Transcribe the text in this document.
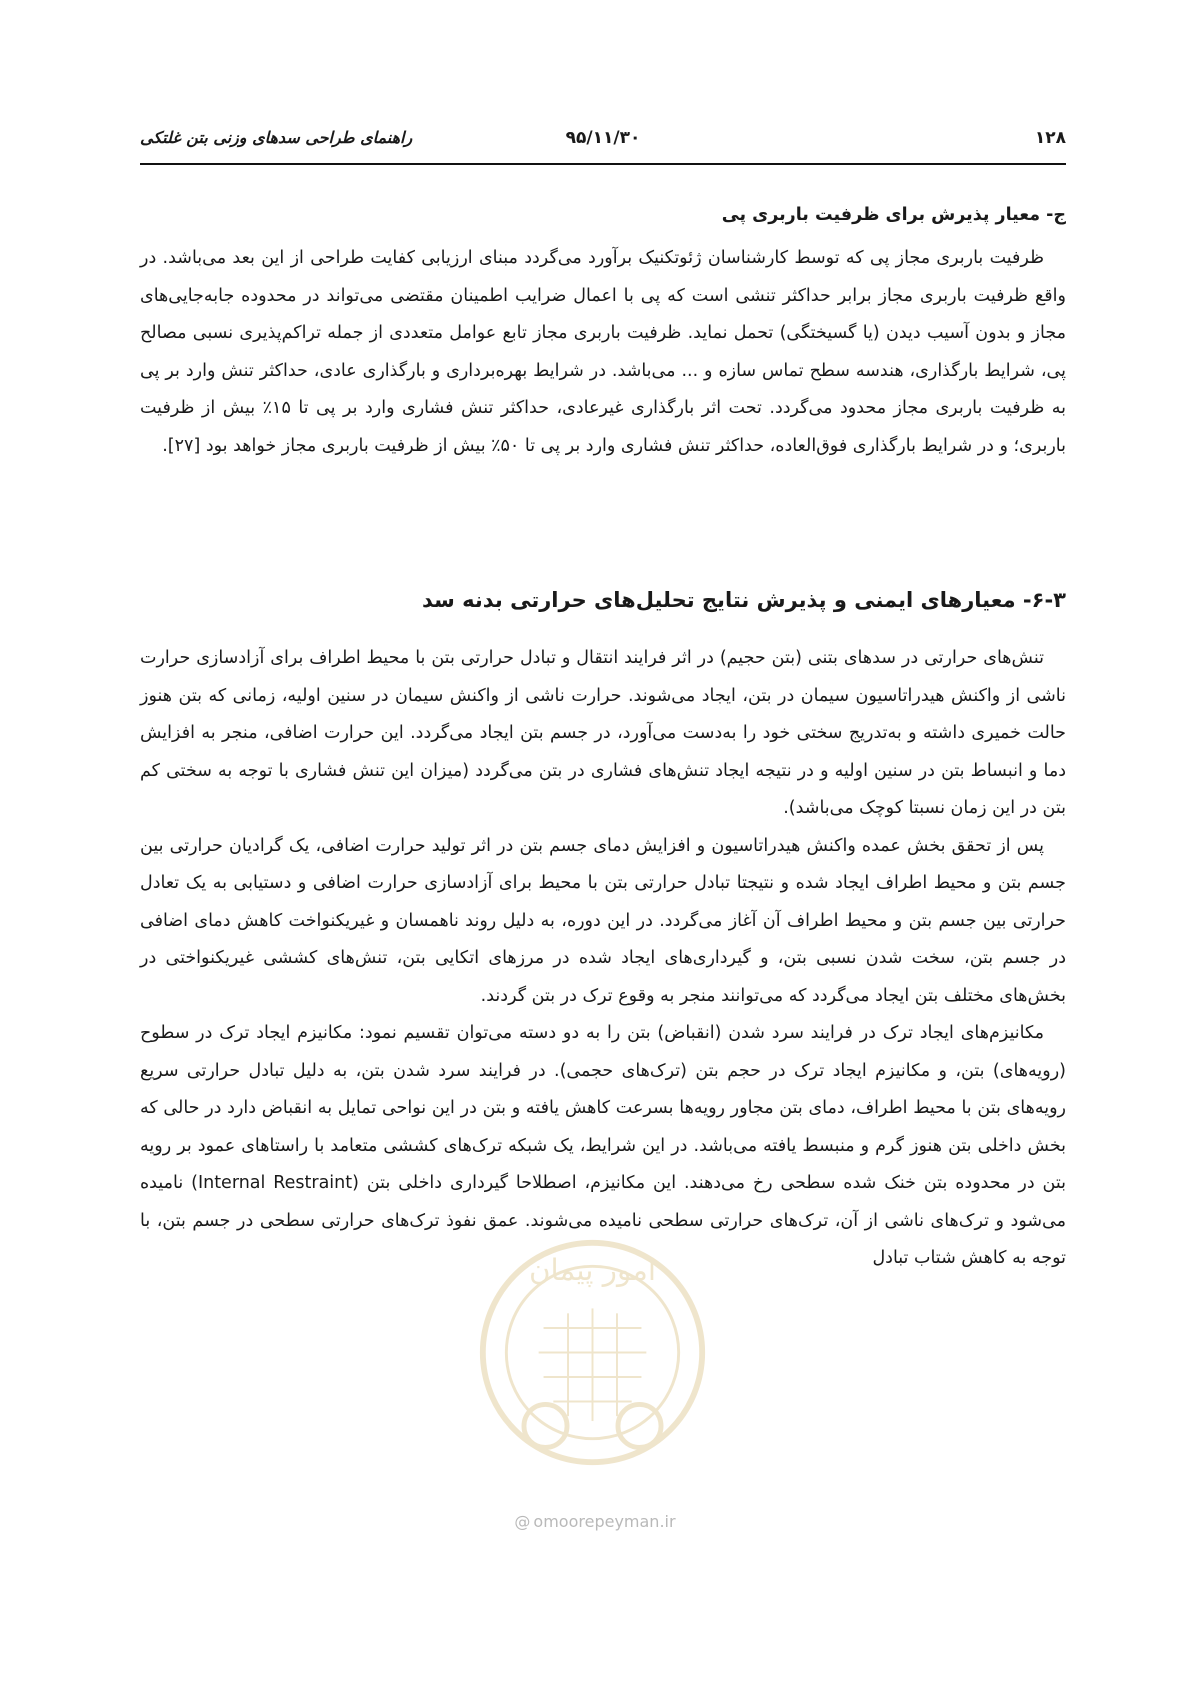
۱۲۸
۹۵/۱۱/۳۰
راهنمای طراحی سدهای وزنی بتن غلتکی
ج- معیار پذیرش برای ظرفیت باربری پی

ظرفیت باربری مجاز پی که توسط کارشناسان ژئوتکنیک برآورد می‌گردد مبنای ارزیابی کفایت طراحی از این بعد می‌باشد. در واقع ظرفیت باربری مجاز برابر حداکثر تنشی است که پی با اعمال ضرایب اطمینان مقتضی می‌تواند در محدوده جابه‌جایی‌های مجاز و بدون آسیب دیدن (یا گسیختگی) تحمل نماید. ظرفیت باربری مجاز تابع عوامل متعددی از جمله تراکم‌پذیری نسبی مصالح پی، شرایط بارگذاری، هندسه سطح تماس سازه و ... می‌باشد. در شرایط بهره‌برداری و بارگذاری عادی، حداکثر تنش وارد بر پی به ظرفیت باربری مجاز محدود می‌گردد. تحت اثر بارگذاری غیرعادی، حداکثر تنش فشاری وارد بر پی تا ۱۵٪ بیش از ظرفیت باربری؛ و در شرایط بارگذاری فوق‌العاده، حداکثر تنش فشاری وارد بر پی تا ۵۰٪ بیش از ظرفیت باربری مجاز خواهد بود [۲۷].

۶-۳- معیارهای ایمنی و پذیرش نتایج تحلیل‌های حرارتی بدنه سد

تنش‌های حرارتی در سدهای بتنی (بتن حجیم) در اثر فرایند انتقال و تبادل حرارتی بتن با محیط اطراف برای آزادسازی حرارت ناشی از واکنش هیدراتاسیون سیمان در بتن، ایجاد می‌شوند. حرارت ناشی از واکنش سیمان در سنین اولیه، زمانی که بتن هنوز حالت خمیری داشته و به‌تدریج سختی خود را به‌دست می‌آورد، در جسم بتن ایجاد می‌گردد. این حرارت اضافی، منجر به افزایش دما و انبساط بتن در سنین اولیه و در نتیجه ایجاد تنش‌های فشاری در بتن می‌گردد (میزان این تنش فشاری با توجه به سختی کم بتن در این زمان نسبتا کوچک می‌باشد).

پس از تحقق بخش عمده واکنش هیدراتاسیون و افزایش دمای جسم بتن در اثر تولید حرارت اضافی، یک گرادیان حرارتی بین جسم بتن و محیط اطراف ایجاد شده و نتیجتا تبادل حرارتی بتن با محیط برای آزادسازی حرارت اضافی و دستیابی به یک تعادل حرارتی بین جسم بتن و محیط اطراف آن آغاز می‌گردد. در این دوره، به دلیل روند ناهمسان و غیریکنواخت کاهش دمای اضافی در جسم بتن، سخت شدن نسبی بتن، و گیرداری‌های ایجاد شده در مرزهای اتکایی بتن، تنش‌های کششی غیریکنواختی در بخش‌های مختلف بتن ایجاد می‌گردد که می‌توانند منجر به وقوع ترک در بتن گردند.

مکانیزم‌های ایجاد ترک در فرایند سرد شدن (انقباض) بتن را به دو دسته می‌توان تقسیم نمود: مکانیزم ایجاد ترک در سطوح (رویه‌های) بتن، و مکانیزم ایجاد ترک در حجم بتن (ترک‌های حجمی). در فرایند سرد شدن بتن، به دلیل تبادل حرارتی سریع رویه‌های بتن با محیط اطراف، دمای بتن مجاور رویه‌ها بسرعت کاهش یافته و بتن در این نواحی تمایل به انقباض دارد در حالی که بخش داخلی بتن هنوز گرم و منبسط یافته می‌باشد. در این شرایط، یک شبکه ترک‌های کششی متعامد با راستاهای عمود بر رویه بتن در محدوده بتن خنک شده سطحی رخ می‌دهند. این مکانیزم، اصطلاحا گیرداری داخلی بتن (Internal Restraint) نامیده می‌شود و ترک‌های ناشی از آن، ترک‌های حرارتی سطحی نامیده می‌شوند. عمق نفوذ ترک‌های حرارتی سطحی در جسم بتن، با توجه به کاهش شتاب تبادل

امور پیمان
@ omoorepeyman.ir
